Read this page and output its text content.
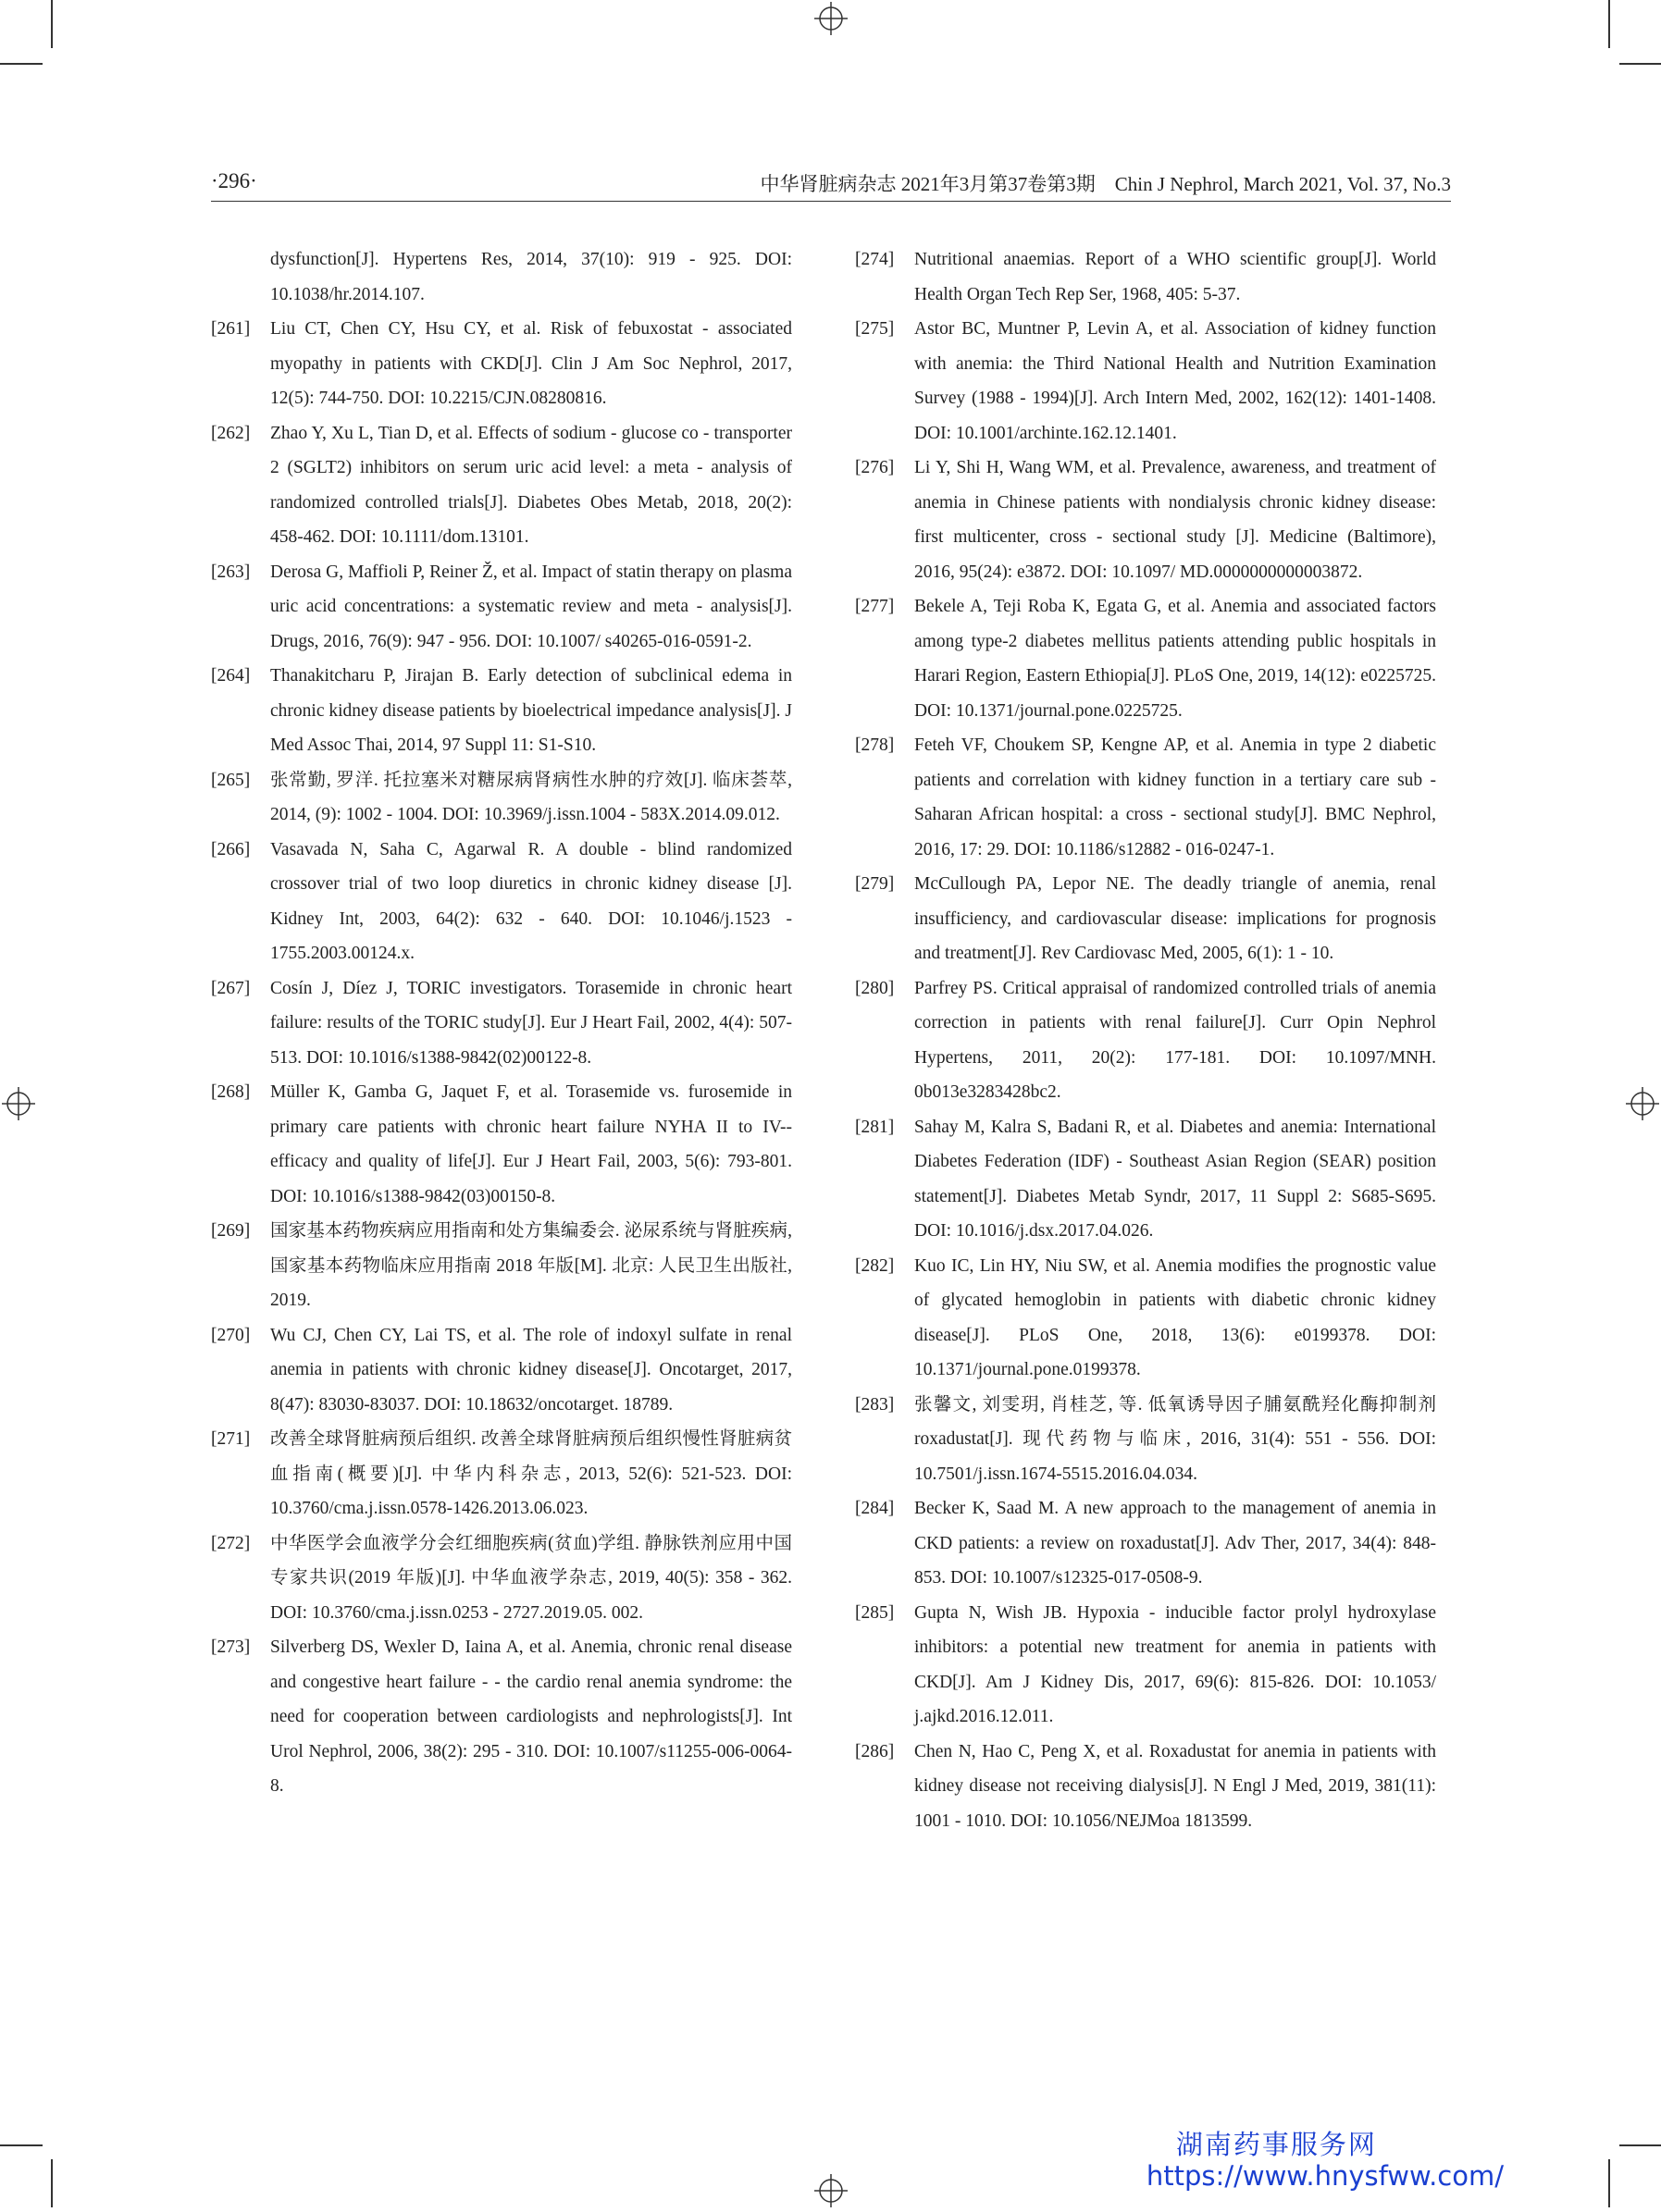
·296·	中华肾脏病杂志 2021年3月第37卷第3期　Chin J Nephrol, March 2021, Vol. 37, No.3
dysfunction[J]. Hypertens Res, 2014, 37(10): 919 - 925. DOI: 10.1038/hr.2014.107.
[261]	Liu CT, Chen CY, Hsu CY, et al. Risk of febuxostat - associated myopathy in patients with CKD[J]. Clin J Am Soc Nephrol, 2017, 12(5): 744-750. DOI: 10.2215/CJN.08280816.
[262]	Zhao Y, Xu L, Tian D, et al. Effects of sodium - glucose co - transporter 2 (SGLT2) inhibitors on serum uric acid level: a meta - analysis of randomized controlled trials[J]. Diabetes Obes Metab, 2018, 20(2): 458-462. DOI: 10.1111/dom.13101.
[263]	Derosa G, Maffioli P, Reiner Ž, et al. Impact of statin therapy on plasma uric acid concentrations: a systematic review and meta - analysis[J]. Drugs, 2016, 76(9): 947 - 956. DOI: 10.1007/ s40265-016-0591-2.
[264]	Thanakitcharu P, Jirajan B. Early detection of subclinical edema in chronic kidney disease patients by bioelectrical impedance analysis[J]. J Med Assoc Thai, 2014, 97 Suppl 11: S1-S10.
[265]	张常勤, 罗洋. 托拉塞米对糖尿病肾病性水肿的疗效[J]. 临床荟萃, 2014, (9): 1002 - 1004. DOI: 10.3969/j.issn.1004 - 583X.2014.09.012.
[266]	Vasavada N, Saha C, Agarwal R. A double - blind randomized crossover trial of two loop diuretics in chronic kidney disease [J]. Kidney Int, 2003, 64(2): 632 - 640. DOI: 10.1046/j.1523 - 1755.2003.00124.x.
[267]	Cosín J, Díez J, TORIC investigators. Torasemide in chronic heart failure: results of the TORIC study[J]. Eur J Heart Fail, 2002, 4(4): 507-513. DOI: 10.1016/s1388-9842(02)00122-8.
[268]	Müller K, Gamba G, Jaquet F, et al. Torasemide vs. furosemide in primary care patients with chronic heart failure NYHA II to IV--efficacy and quality of life[J]. Eur J Heart Fail, 2003, 5(6): 793-801. DOI: 10.1016/s1388-9842(03)00150-8.
[269]	国家基本药物疾病应用指南和处方集编委会. 泌尿系统与肾脏疾病, 国家基本药物临床应用指南 2018 年版[M]. 北京: 人民卫生出版社, 2019.
[270]	Wu CJ, Chen CY, Lai TS, et al. The role of indoxyl sulfate in renal anemia in patients with chronic kidney disease[J]. Oncotarget, 2017, 8(47): 83030-83037. DOI: 10.18632/oncotarget. 18789.
[271]	改善全球肾脏病预后组织. 改善全球肾脏病预后组织慢性肾脏病贫血指南(概要)[J]. 中华内科杂志, 2013, 52(6): 521-523. DOI: 10.3760/cma.j.issn.0578-1426.2013.06.023.
[272]	中华医学会血液学分会红细胞疾病(贫血)学组. 静脉铁剂应用中国专家共识(2019 年版)[J]. 中华血液学杂志, 2019, 40(5): 358 - 362. DOI: 10.3760/cma.j.issn.0253 - 2727.2019.05. 002.
[273]	Silverberg DS, Wexler D, Iaina A, et al. Anemia, chronic renal disease and congestive heart failure - - the cardio renal anemia syndrome: the need for cooperation between cardiologists and nephrologists[J]. Int Urol Nephrol, 2006, 38(2): 295 - 310. DOI: 10.1007/s11255-006-0064-8.
[274]	Nutritional anaemias. Report of a WHO scientific group[J]. World Health Organ Tech Rep Ser, 1968, 405: 5-37.
[275]	Astor BC, Muntner P, Levin A, et al. Association of kidney function with anemia: the Third National Health and Nutrition Examination Survey (1988 - 1994)[J]. Arch Intern Med, 2002, 162(12): 1401-1408. DOI: 10.1001/archinte.162.12.1401.
[276]	Li Y, Shi H, Wang WM, et al. Prevalence, awareness, and treatment of anemia in Chinese patients with nondialysis chronic kidney disease: first multicenter, cross - sectional study [J]. Medicine (Baltimore), 2016, 95(24): e3872. DOI: 10.1097/ MD.0000000000003872.
[277]	Bekele A, Teji Roba K, Egata G, et al. Anemia and associated factors among type-2 diabetes mellitus patients attending public hospitals in Harari Region, Eastern Ethiopia[J]. PLoS One, 2019, 14(12): e0225725. DOI: 10.1371/journal.pone.0225725.
[278]	Feteh VF, Choukem SP, Kengne AP, et al. Anemia in type 2 diabetic patients and correlation with kidney function in a tertiary care sub - Saharan African hospital: a cross - sectional study[J]. BMC Nephrol, 2016, 17: 29. DOI: 10.1186/s12882 - 016-0247-1.
[279]	McCullough PA, Lepor NE. The deadly triangle of anemia, renal insufficiency, and cardiovascular disease: implications for prognosis and treatment[J]. Rev Cardiovasc Med, 2005, 6(1): 1 - 10.
[280]	Parfrey PS. Critical appraisal of randomized controlled trials of anemia correction in patients with renal failure[J]. Curr Opin Nephrol Hypertens, 2011, 20(2): 177-181. DOI: 10.1097/MNH. 0b013e3283428bc2.
[281]	Sahay M, Kalra S, Badani R, et al. Diabetes and anemia: International Diabetes Federation (IDF) - Southeast Asian Region (SEAR) position statement[J]. Diabetes Metab Syndr, 2017, 11 Suppl 2: S685-S695. DOI: 10.1016/j.dsx.2017.04.026.
[282]	Kuo IC, Lin HY, Niu SW, et al. Anemia modifies the prognostic value of glycated hemoglobin in patients with diabetic chronic kidney disease[J]. PLoS One, 2018, 13(6): e0199378. DOI: 10.1371/journal.pone.0199378.
[283]	张馨文, 刘雯玥, 肖桂芝, 等. 低氧诱导因子脯氨酰羟化酶抑制剂 roxadustat[J]. 现代药物与临床, 2016, 31(4): 551 - 556. DOI: 10.7501/j.issn.1674-5515.2016.04.034.
[284]	Becker K, Saad M. A new approach to the management of anemia in CKD patients: a review on roxadustat[J]. Adv Ther, 2017, 34(4): 848-853. DOI: 10.1007/s12325-017-0508-9.
[285]	Gupta N, Wish JB. Hypoxia - inducible factor prolyl hydroxylase inhibitors: a potential new treatment for anemia in patients with CKD[J]. Am J Kidney Dis, 2017, 69(6): 815-826. DOI: 10.1053/ j.ajkd.2016.12.011.
[286]	Chen N, Hao C, Peng X, et al. Roxadustat for anemia in patients with kidney disease not receiving dialysis[J]. N Engl J Med, 2019, 381(11): 1001 - 1010. DOI: 10.1056/NEJMoa 1813599.
湖南药事服务网
https://www.hnysfww.com/
